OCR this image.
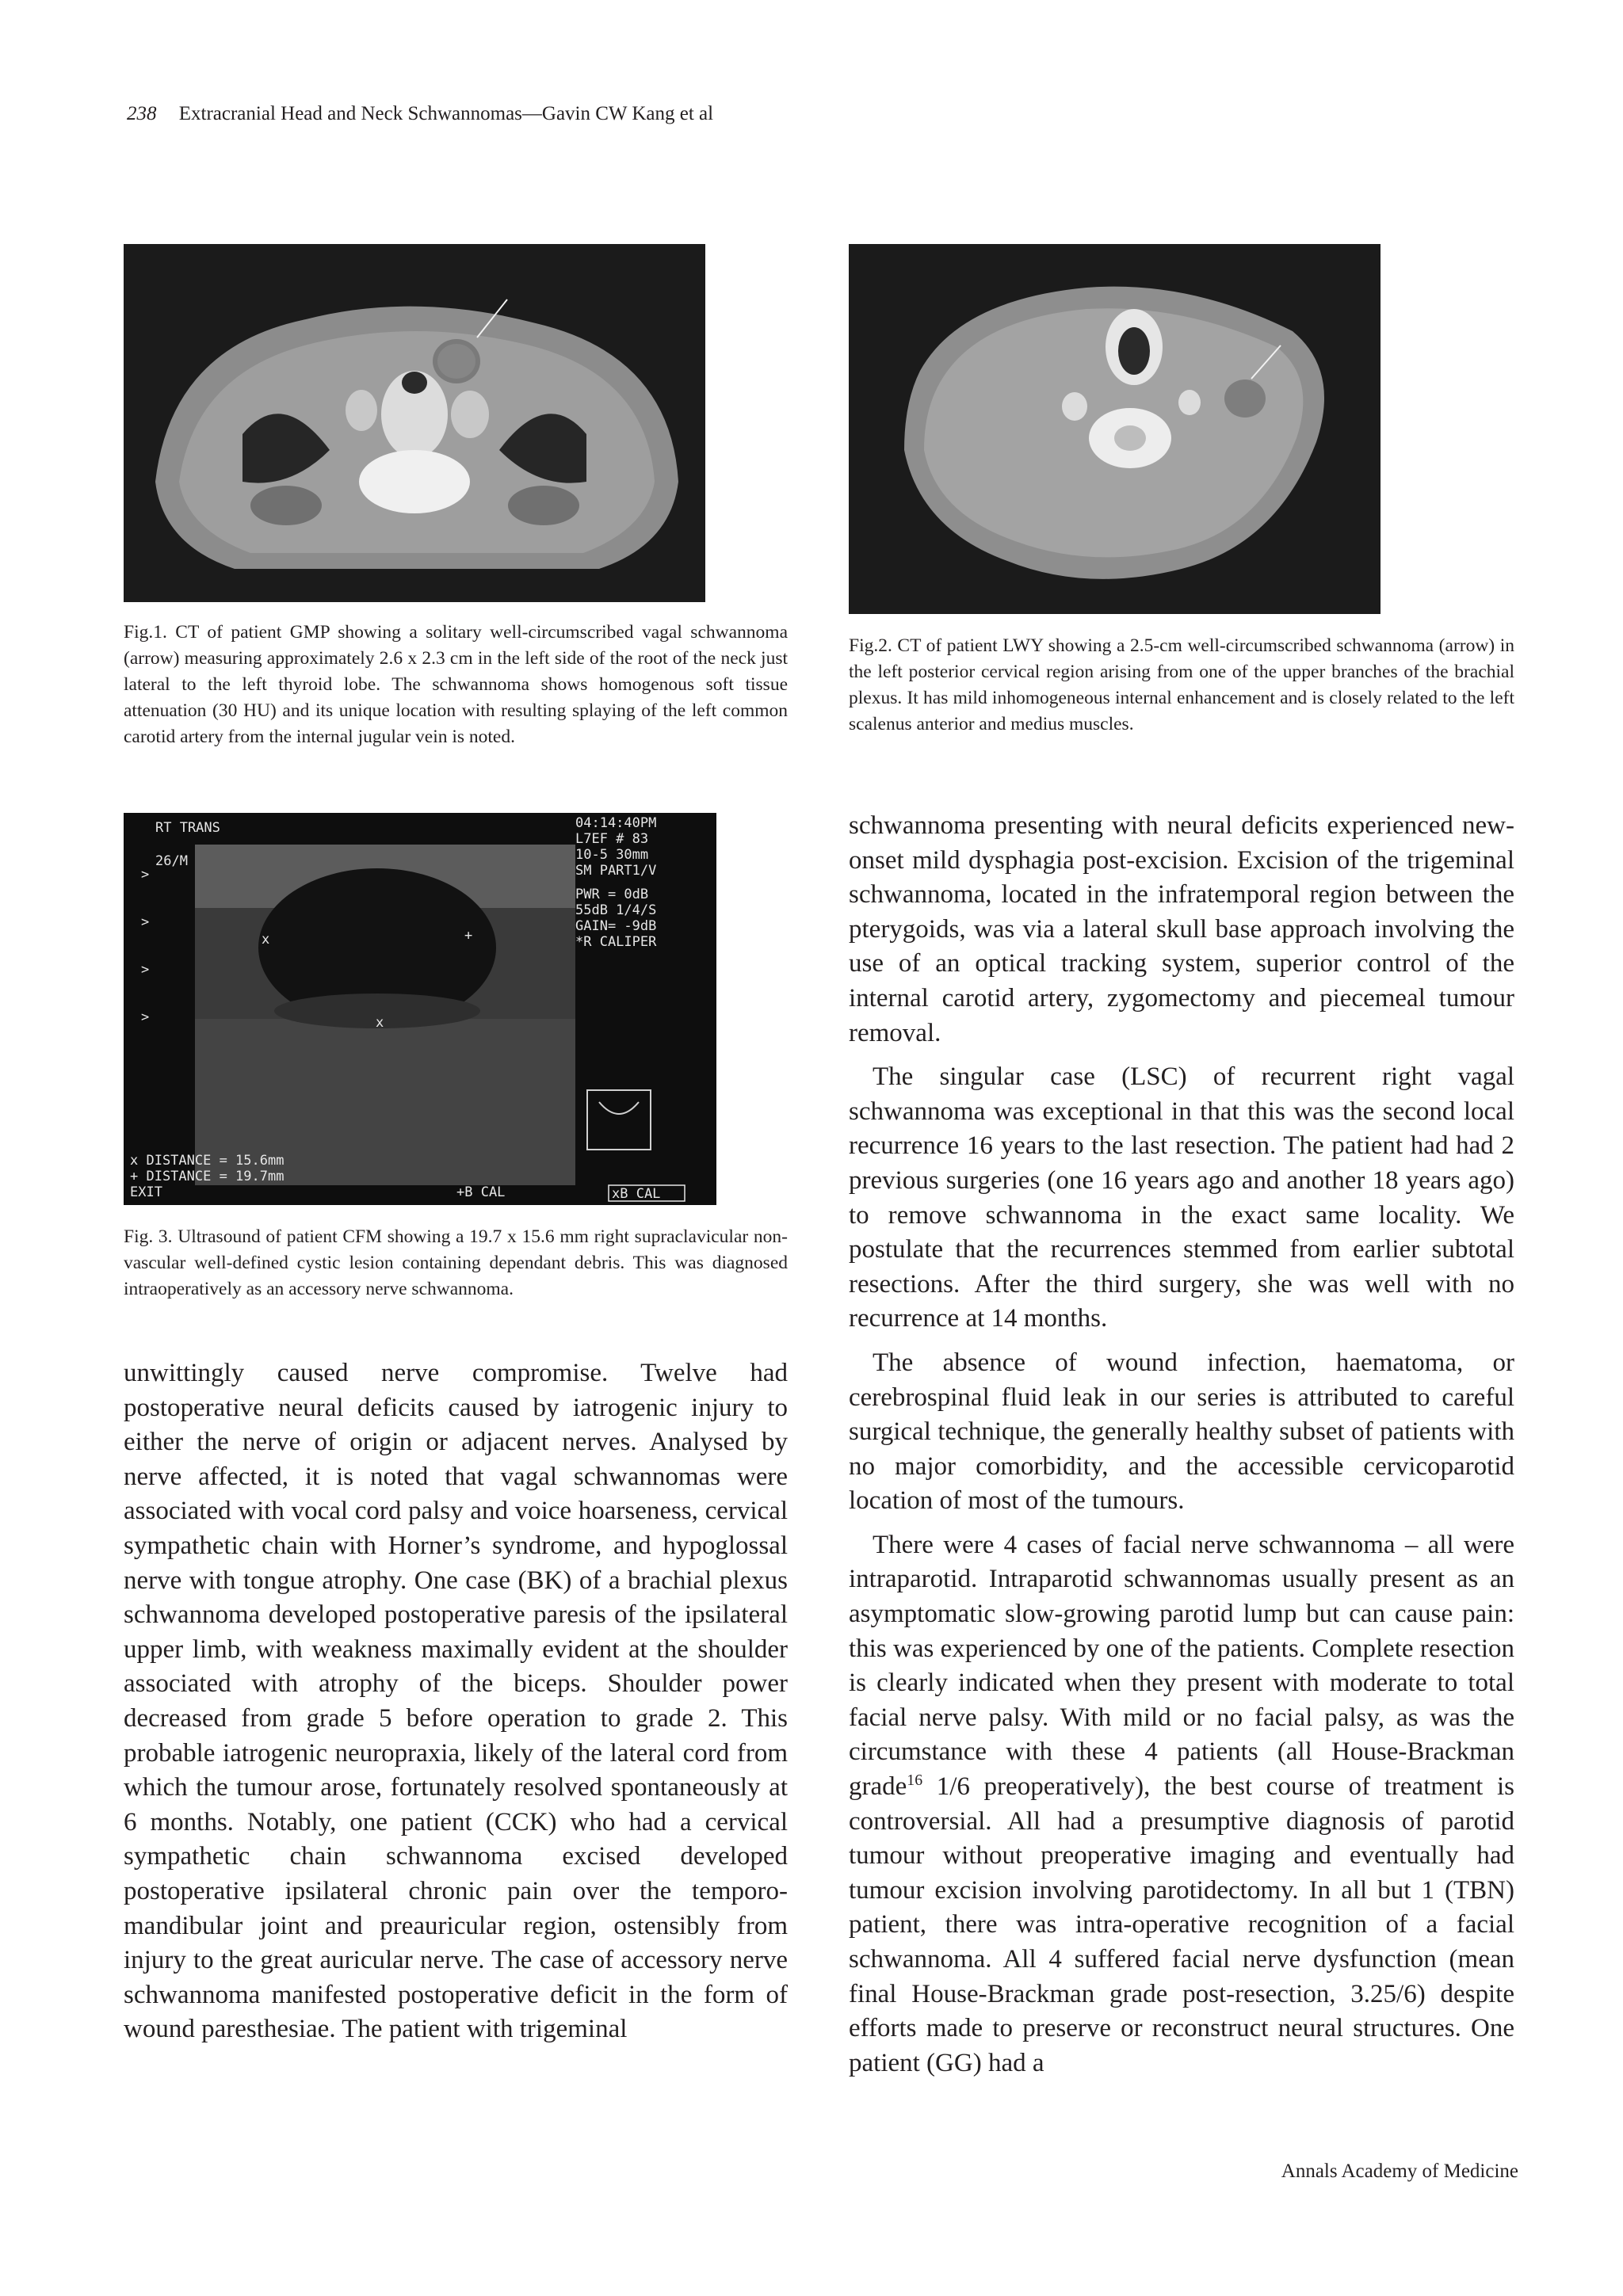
238 Extracranial Head and Neck Schwannomas—Gavin CW Kang et al
Fig.1. CT of patient GMP showing a solitary well-circumscribed vagal schwannoma (arrow) measuring approximately 2.6 x 2.3 cm in the left side of the root of the neck just lateral to the left thyroid lobe. The schwannoma shows homogenous soft tissue attenuation (30 HU) and its unique location with resulting splaying of the left common carotid artery from the internal jugular vein is noted.
Fig.2. CT of patient LWY showing a 2.5-cm well-circumscribed schwannoma (arrow) in the left posterior cervical region arising from one of the upper branches of the brachial plexus. It has mild inhomogeneous internal enhancement and is closely related to the left scalenus anterior and medius muscles.
RT TRANS
26/M
04:14:40PM
L7EF # 83
10-5 30mm
SM PART1/V
PWR = 0dB
55dB 1/4/S
GAIN= -9dB
*R CALIPER
>
>
>
>
x	+
x
x DISTANCE = 15.6mm
+ DISTANCE = 19.7mm
EXIT	+B CAL	xB CAL
Fig. 3. Ultrasound of patient CFM showing a 19.7 x 15.6 mm right supraclavicular non-vascular well-defined cystic lesion containing dependant debris. This was diagnosed intraoperatively as an accessory nerve schwannoma.

unwittingly caused nerve compromise. Twelve had postoperative neural deficits caused by iatrogenic injury to either the nerve of origin or adjacent nerves. Analysed by nerve affected, it is noted that vagal schwannomas were associated with vocal cord palsy and voice hoarseness, cervical sympathetic chain with Horner’s syndrome, and hypoglossal nerve with tongue atrophy. One case (BK) of a brachial plexus schwannoma developed postoperative paresis of the ipsilateral upper limb, with weakness maximally evident at the shoulder associated with atrophy of the biceps. Shoulder power decreased from grade 5 before operation to grade 2. This probable iatrogenic neuropraxia, likely of the lateral cord from which the tumour arose, fortunately resolved spontaneously at 6 months. Notably, one patient (CCK) who had a cervical sympathetic chain schwannoma excised developed postoperative ipsilateral chronic pain over the temporo-mandibular joint and preauricular region, ostensibly from injury to the great auricular nerve. The case of accessory nerve schwannoma manifested postoperative deficit in the form of wound paresthesiae. The patient with trigeminal

schwannoma presenting with neural deficits experienced new-onset mild dysphagia post-excision. Excision of the trigeminal schwannoma, located in the infratemporal region between the pterygoids, was via a lateral skull base approach involving the use of an optical tracking system, superior control of the internal carotid artery, zygomectomy and piecemeal tumour removal.

The singular case (LSC) of recurrent right vagal schwannoma was exceptional in that this was the second local recurrence 16 years to the last resection. The patient had had 2 previous surgeries (one 16 years ago and another 18 years ago) to remove schwannoma in the exact same locality. We postulate that the recurrences stemmed from earlier subtotal resections. After the third surgery, she was well with no recurrence at 14 months.

The absence of wound infection, haematoma, or cerebrospinal fluid leak in our series is attributed to careful surgical technique, the generally healthy subset of patients with no major comorbidity, and the accessible cervicoparotid location of most of the tumours.

There were 4 cases of facial nerve schwannoma – all were intraparotid. Intraparotid schwannomas usually present as an asymptomatic slow-growing parotid lump but can cause pain: this was experienced by one of the patients. Complete resection is clearly indicated when they present with moderate to total facial nerve palsy. With mild or no facial palsy, as was the circumstance with these 4 patients (all House-Brackman grade$^{16}$ 1/6 preoperatively), the best course of treatment is controversial. All had a presumptive diagnosis of parotid tumour without preoperative imaging and eventually had tumour excision involving parotidectomy. In all but 1 (TBN) patient, there was intra-operative recognition of a facial schwannoma. All 4 suffered facial nerve dysfunction (mean final House-Brackman grade post-resection, 3.25/6) despite efforts made to preserve or reconstruct neural structures. One patient (GG) had a

Annals Academy of Medicine
